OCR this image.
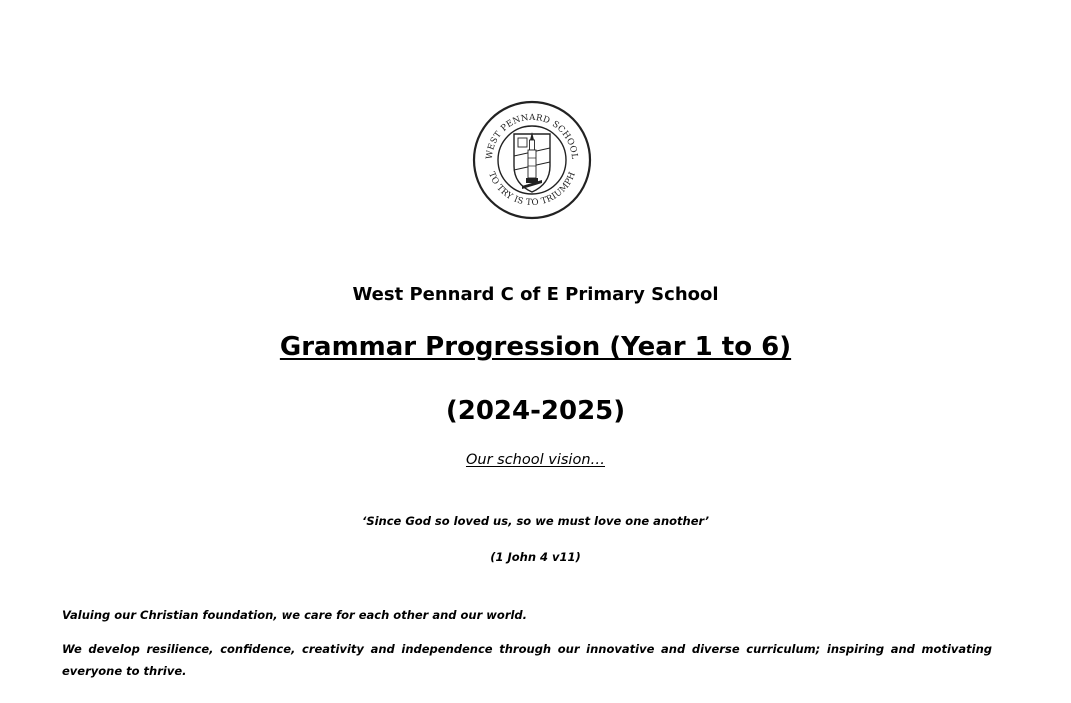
WEST PENNARD SCHOOL
TO TRY IS TO TRIUMPH

West Pennard C of E Primary School

Grammar Progression (Year 1 to 6)

(2024-2025)

Our school vision…

‘Since God so loved us, so we must love one another’

(1 John 4 v11)

Valuing our Christian foundation, we care for each other and our world.

We develop resilience, confidence, creativity and independence through our innovative and diverse curriculum; inspiring and motivating everyone to thrive.
